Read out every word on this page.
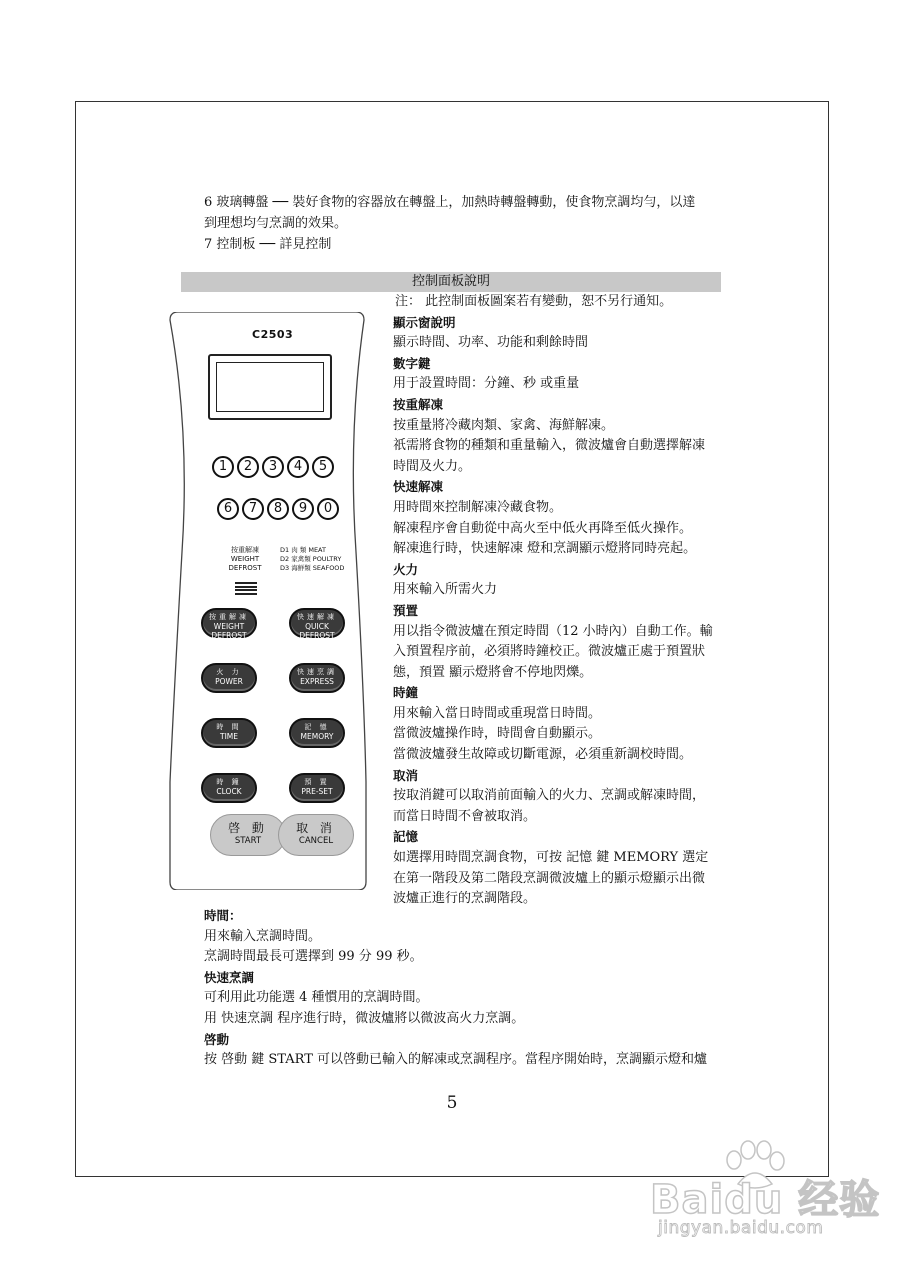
6 玻璃轉盤 ── 裝好食物的容器放在轉盤上，加熱時轉盤轉動，使食物烹調均勻，以達

到理想均勻烹調的效果。

7 控制板 ── 詳見控制

控制面板說明

注： 此控制面板圖案若有變動，恕不另行通知。

顯示窗說明

顯示時間、功率、功能和剩餘時間

數字鍵

用于設置時間：分鐘、秒 或重量

按重解凍

按重量將冷藏肉類、家禽、海鮮解凍。

祇需將食物的種類和重量輸入，微波爐會自動選擇解凍

時間及火力。

快速解凍

用時間來控制解凍冷藏食物。

解凍程序會自動從中高火至中低火再降至低火操作。

解凍進行時，快速解凍 燈和烹調顯示燈將同時亮起。

火力

用來輸入所需火力

預置

用以指令微波爐在預定時間（12 小時內）自動工作。輸

入預置程序前，必須將時鐘校正。微波爐正處于預置狀

態，預置 顯示燈將會不停地閃爍。

時鐘

用來輸入當日時間或重現當日時間。

當微波爐操作時，時間會自動顯示。

當微波爐發生故障或切斷電源，必須重新調校時間。

取消

按取消鍵可以取消前面輸入的火力、烹調或解凍時間，

而當日時間不會被取消。

記憶

如選擇用時間烹調食物，可按 記憶 鍵 MEMORY 選定

在第一階段及第二階段烹調微波爐上的顯示燈顯示出微

波爐正進行的烹調階段。

C2503
1	2	3	4	5
6	7	8	9	0
按重解凍
WEIGHT
DEFROST

D1 肉 類 MEAT

D2 家禽類 POULTRY

D3 海鮮類 SEAFOOD

啓 動
START
取 消
CANCEL
按重解凍
WEIGHT DEFROST
快速解凍
QUICK DEFROST
火 力
POWER
快速烹調
EXPRESS
時 間
TIME
記 憶
MEMORY
時 鐘
CLOCK
預 置
PRE-SET

時間：

用來輸入烹調時間。

烹調時間最長可選擇到 99 分 99 秒。

快速烹調

可利用此功能選 4 種慣用的烹調時間。

用 快速烹調 程序進行時，微波爐將以微波高火力烹調。

啓動

按 啓動 鍵 START 可以啓動已輸入的解凍或烹調程序。當程序開始時，烹調顯示燈和爐

5
Baidu 经验
jingyan.baidu.com
